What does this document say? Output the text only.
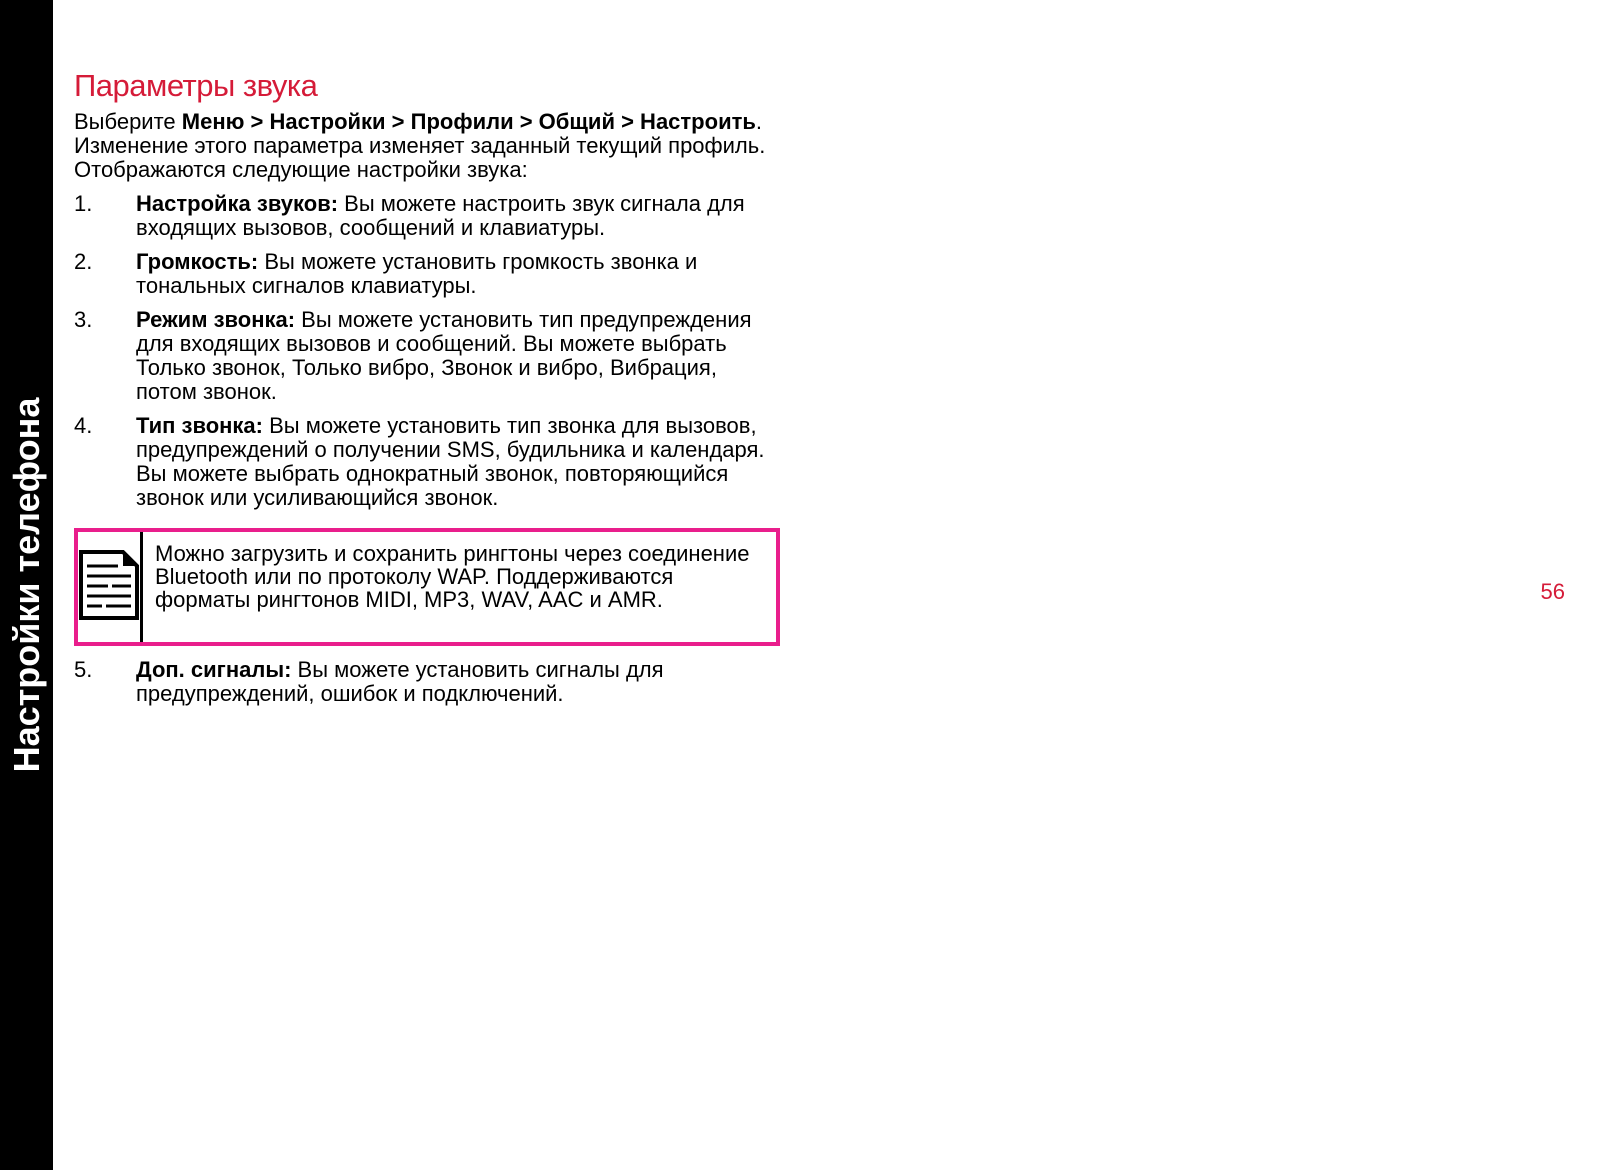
Настройки телефона
Параметры звука

Выберите Меню > Настройки > Профили > Общий > Настроить. Изменение этого параметра изменяет заданный текущий профиль. Отображаются следующие настройки звука:

1. Настройка звуков: Вы можете настроить звук сигнала для входящих вызовов, сообщений и клавиатуры.
2. Громкость: Вы можете установить громкость звонка и тональных сигналов клавиатуры.
3. Режим звонка: Вы можете установить тип предупреждения для входящих вызовов и сообщений. Вы можете выбрать Только звонок, Только вибро, Звонок и вибро, Вибрация, потом звонок.
4. Тип звонка: Вы можете установить тип звонка для вызовов, предупреждений о получении SMS, будильника и календаря. Вы можете выбрать однократный звонок, повторяющийся звонок или усиливающийся звонок.
Можно загрузить и сохранить рингтоны через соединение Bluetooth или по протоколу WAP. Поддерживаются форматы рингтонов MIDI, MP3, WAV, AAC и AMR.
5. Доп. сигналы: Вы можете установить сигналы для предупреждений, ошибок и подключений.
56
